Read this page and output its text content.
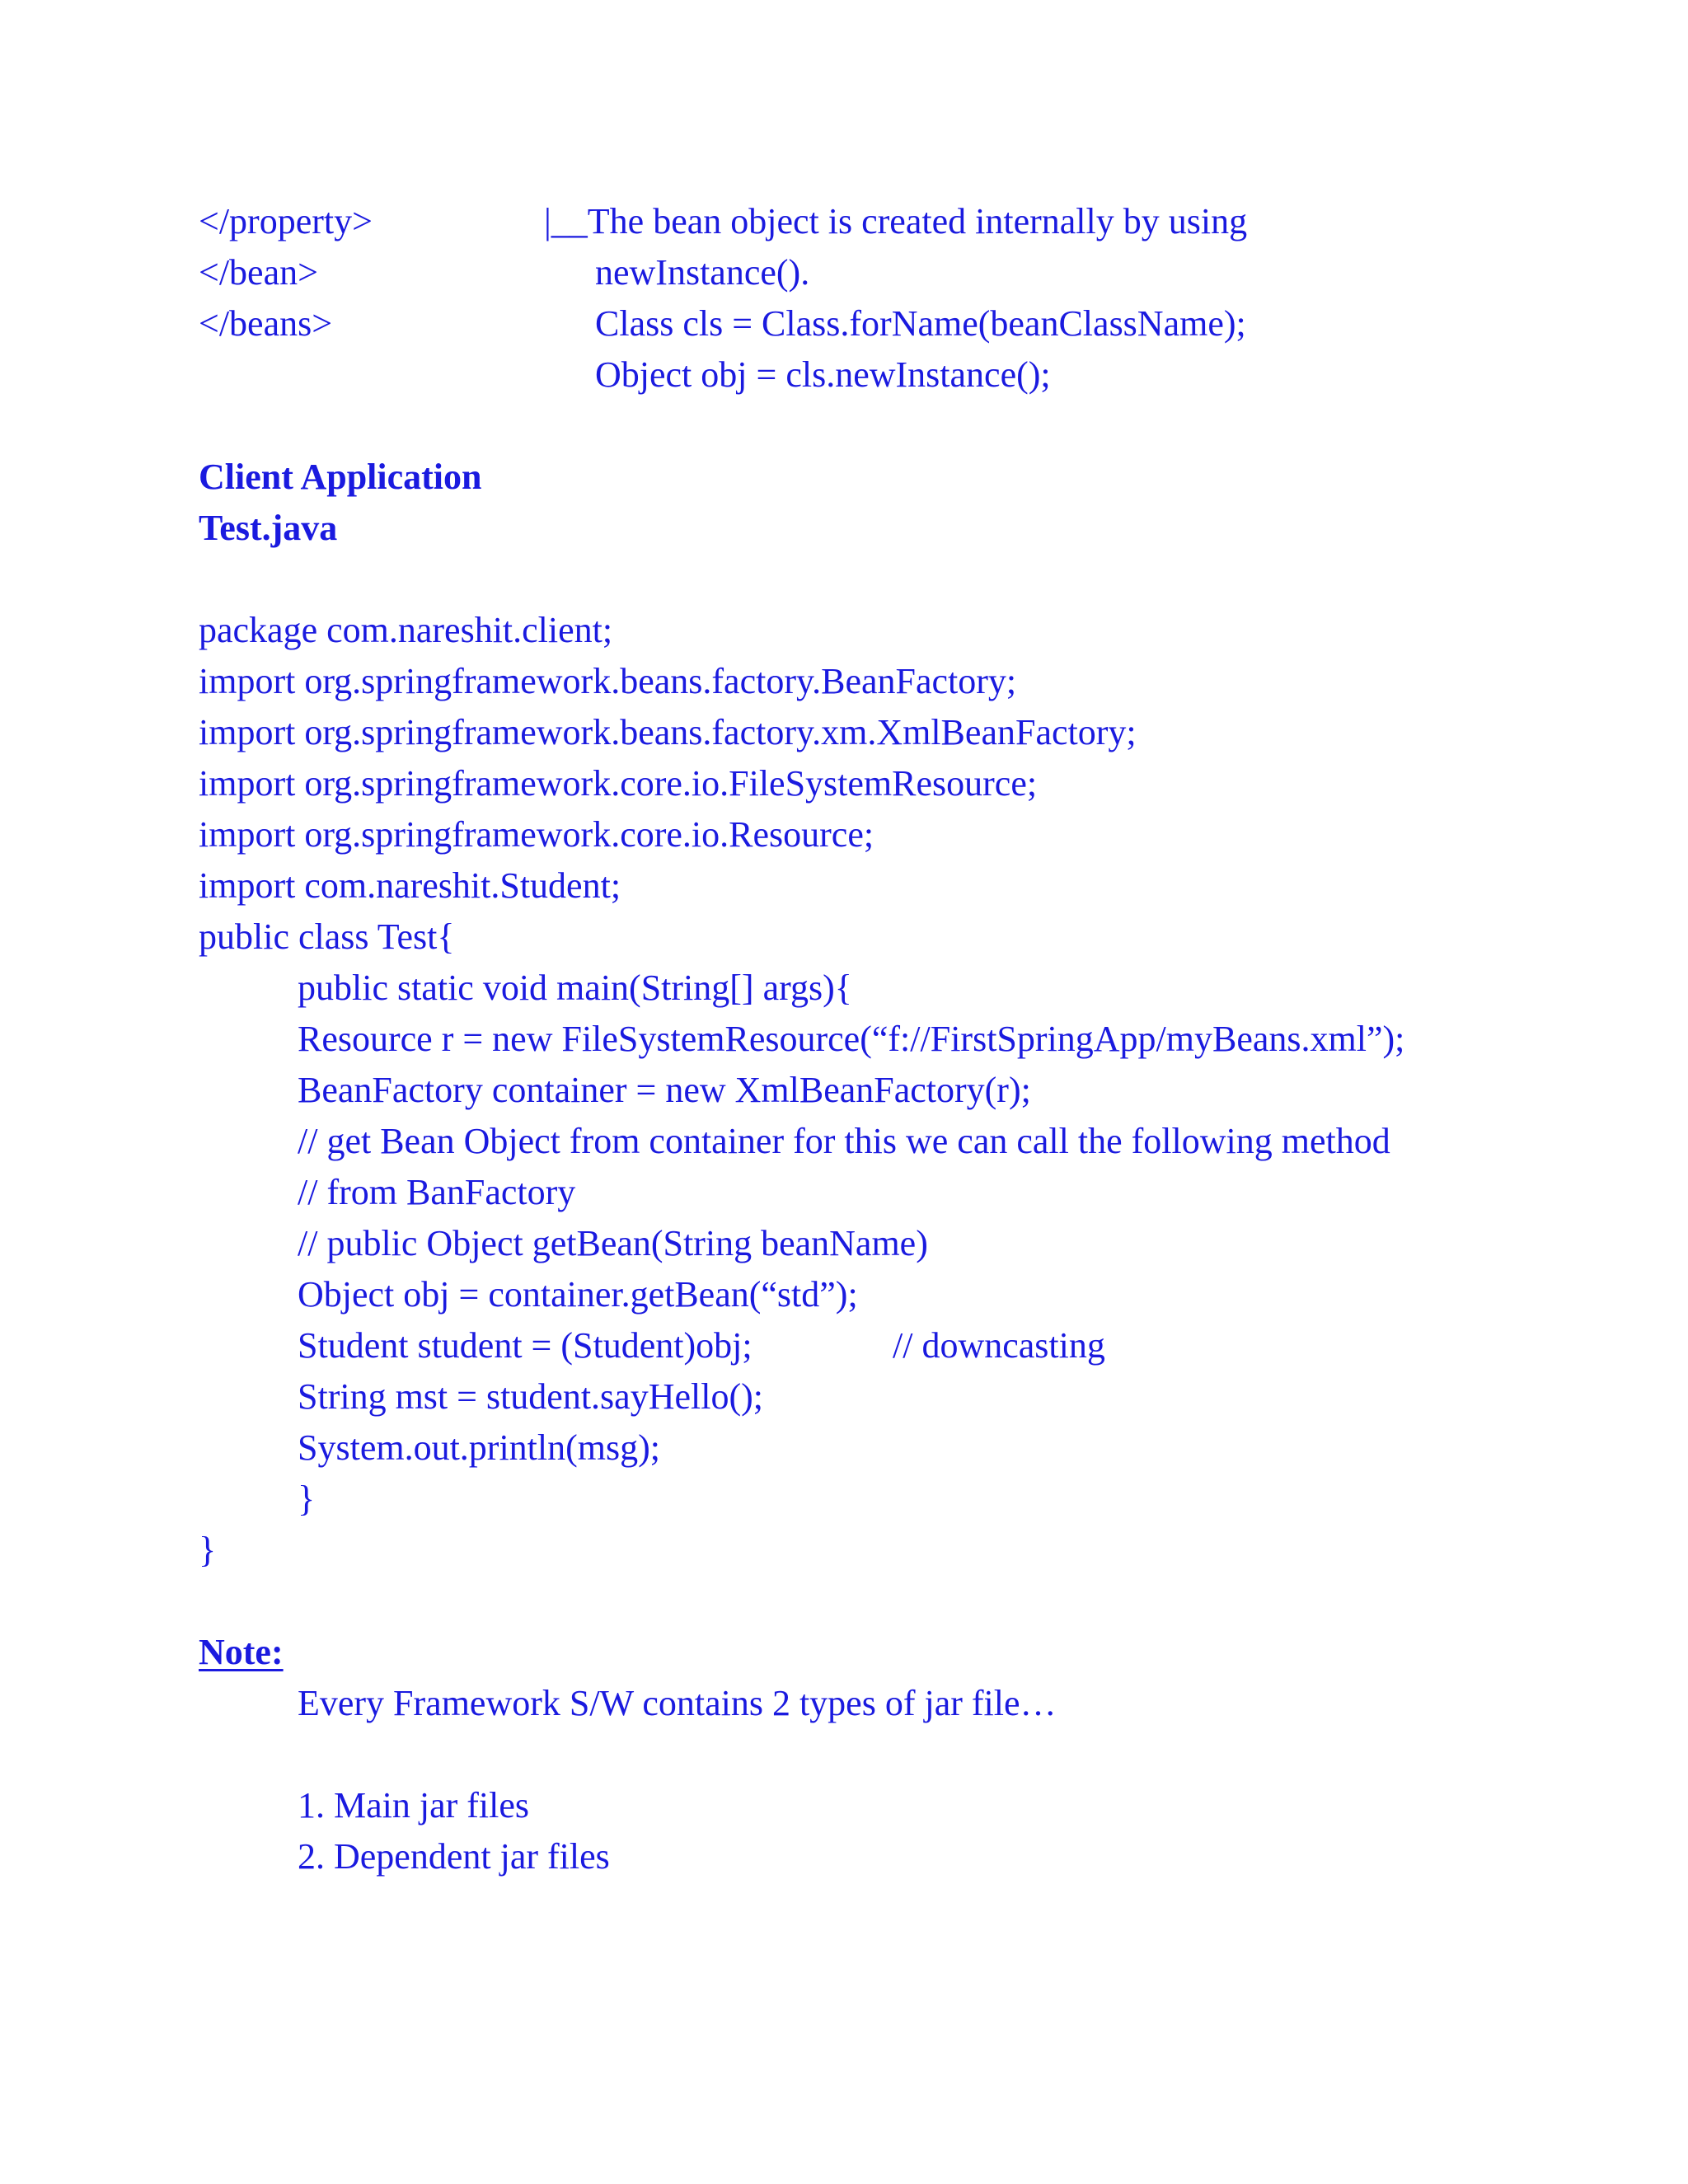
</property>

</bean>

</beans>

|__The bean object is created internally by using

newInstance().

Class cls = Class.forName(beanClassName);

Object obj = cls.newInstance();

Client Application

Test.java

package com.nareshit.client;

import org.springframework.beans.factory.BeanFactory;

import org.springframework.beans.factory.xm.XmlBeanFactory;

import org.springframework.core.io.FileSystemResource;

import org.springframework.core.io.Resource;

import com.nareshit.Student;

public class Test{

public static void main(String[] args){

Resource r = new FileSystemResource(“f://FirstSpringApp/myBeans.xml”);

BeanFactory container = new XmlBeanFactory(r);

// get Bean Object from container for this we can call the following method

// from BanFactory

// public Object getBean(String beanName)

Object obj = container.getBean(“std”);

Student student = (Student)obj;	// downcasting

String mst = student.sayHello();

System.out.println(msg);

}

}

Note:

Every Framework S/W contains 2 types of jar file…

1. Main jar files

2. Dependent jar files
